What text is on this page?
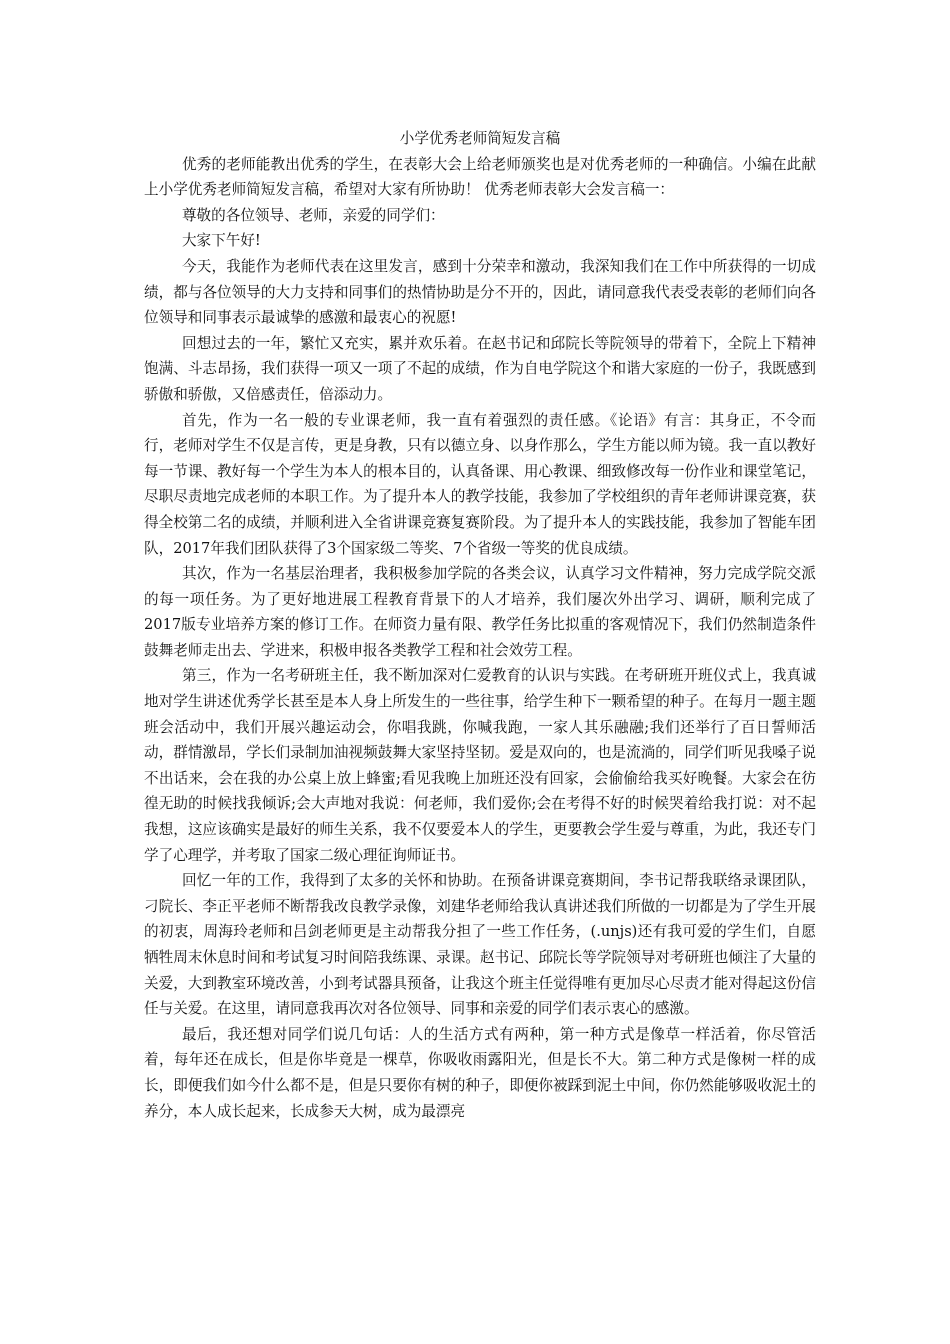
小学优秀老师简短发言稿

优秀的老师能教出优秀的学生，在表彰大会上给老师颁奖也是对优秀老师的一种确信。小编在此献上小学优秀老师简短发言稿，希望对大家有所协助！ 优秀老师表彰大会发言稿一：

尊敬的各位领导、老师，亲爱的同学们：

大家下午好!

今天，我能作为老师代表在这里发言，感到十分荣幸和激动，我深知我们在工作中所获得的一切成绩，都与各位领导的大力支持和同事们的热情协助是分不开的，因此，请同意我代表受表彰的老师们向各位领导和同事表示最诚挚的感激和最衷心的祝愿!

回想过去的一年，繁忙又充实，累并欢乐着。在赵书记和邱院长等院领导的带着下，全院上下精神饱满、斗志昂扬，我们获得一项又一项了不起的成绩，作为自电学院这个和谐大家庭的一份子，我既感到骄傲和骄傲，又倍感责任，倍添动力。

首先，作为一名一般的专业课老师，我一直有着强烈的责任感。《论语》有言：其身正，不令而行，老师对学生不仅是言传，更是身教，只有以德立身、以身作那么，学生方能以师为镜。我一直以教好每一节课、教好每一个学生为本人的根本目的，认真备课、用心教课、细致修改每一份作业和课堂笔记，尽职尽责地完成老师的本职工作。为了提升本人的教学技能，我参加了学校组织的青年老师讲课竞赛，获得全校第二名的成绩，并顺利进入全省讲课竞赛复赛阶段。为了提升本人的实践技能，我参加了智能车团队，2017年我们团队获得了3个国家级二等奖、7个省级一等奖的优良成绩。

其次，作为一名基层治理者，我积极参加学院的各类会议，认真学习文件精神，努力完成学院交派的每一项任务。为了更好地进展工程教育背景下的人才培养，我们屡次外出学习、调研，顺利完成了2017版专业培养方案的修订工作。在师资力量有限、教学任务比拟重的客观情况下，我们仍然制造条件鼓舞老师走出去、学进来，积极申报各类教学工程和社会效劳工程。

第三，作为一名考研班主任，我不断加深对仁爱教育的认识与实践。在考研班开班仪式上，我真诚地对学生讲述优秀学长甚至是本人身上所发生的一些往事，给学生种下一颗希望的种子。在每月一题主题班会活动中，我们开展兴趣运动会，你唱我跳，你喊我跑，一家人其乐融融;我们还举行了百日誓师活动，群情激昂，学长们录制加油视频鼓舞大家坚持坚韧。爱是双向的，也是流淌的，同学们听见我嗓子说不出话来，会在我的办公桌上放上蜂蜜;看见我晚上加班还没有回家，会偷偷给我买好晚餐。大家会在彷徨无助的时候找我倾诉;会大声地对我说：何老师，我们爱你;会在考得不好的时候哭着给我打说：对不起我想，这应该确实是最好的师生关系，我不仅要爱本人的学生，更要教会学生爱与尊重，为此，我还专门学了心理学，并考取了国家二级心理征询师证书。

回忆一年的工作，我得到了太多的关怀和协助。在预备讲课竞赛期间，李书记帮我联络录课团队，刁院长、李正平老师不断帮我改良教学录像，刘建华老师给我认真讲述我们所做的一切都是为了学生开展的初衷，周海玲老师和吕剑老师更是主动帮我分担了一些工作任务，(.unjs)还有我可爱的学生们，自愿牺牲周末休息时间和考试复习时间陪我练课、录课。赵书记、邱院长等学院领导对考研班也倾注了大量的关爱，大到教室环境改善，小到考试器具预备，让我这个班主任觉得唯有更加尽心尽责才能对得起这份信任与关爱。在这里，请同意我再次对各位领导、同事和亲爱的同学们表示衷心的感激。

最后，我还想对同学们说几句话：人的生活方式有两种，第一种方式是像草一样活着，你尽管活着，每年还在成长，但是你毕竟是一棵草，你吸收雨露阳光，但是长不大。第二种方式是像树一样的成长，即便我们如今什么都不是，但是只要你有树的种子，即便你被踩到泥土中间，你仍然能够吸收泥土的养分，本人成长起来，长成参天大树，成为最漂亮
